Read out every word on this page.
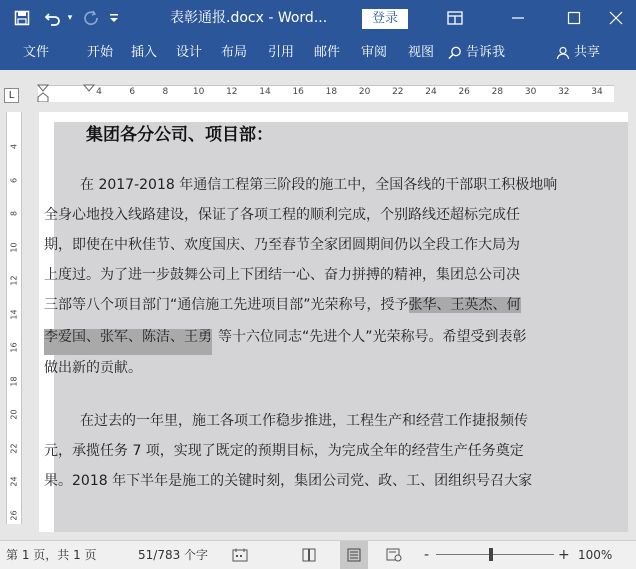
▾	表彰通报.docx - Word...	登录
文件	开始 插入 设计 布局 引用 邮件 审阅 视图 告诉我	共享
L	4	6	8	10 12 14 16 18 20 22 24 26 28 30 32 34
4
6
8
10
12
14
16
18
20
22
24
26
集团各分公司、项目部：
在 2017-2018 年通信工程第三阶段的施工中，全国各线的干部职工积极地响
全身心地投入线路建设，保证了各项工程的顺利完成，个别路线还超标完成任
期，即使在中秋佳节、欢度国庆、乃至春节全家团圆期间仍以全段工作大局为
上度过。为了进一步鼓舞公司上下团结一心、奋力拼搏的精神，集团总公司决
三部等八个项目部门“通信施工先进项目部”光荣称号，授予张华、王英杰、何
李爱国、张军、陈洁、王勇 等十六位同志“先进个人”光荣称号。希望受到表彰
做出新的贡献。
在过去的一年里，施工各项工作稳步推进，工程生产和经营工作捷报频传
元，承揽任务 7 项，实现了既定的预期目标，为完成全年的经营生产任务奠定
果。2018 年下半年是施工的关键时刻，集团公司党、政、工、团组织号召大家
第 1 页，共 1 页	51/783 个字	-	+ 100%
